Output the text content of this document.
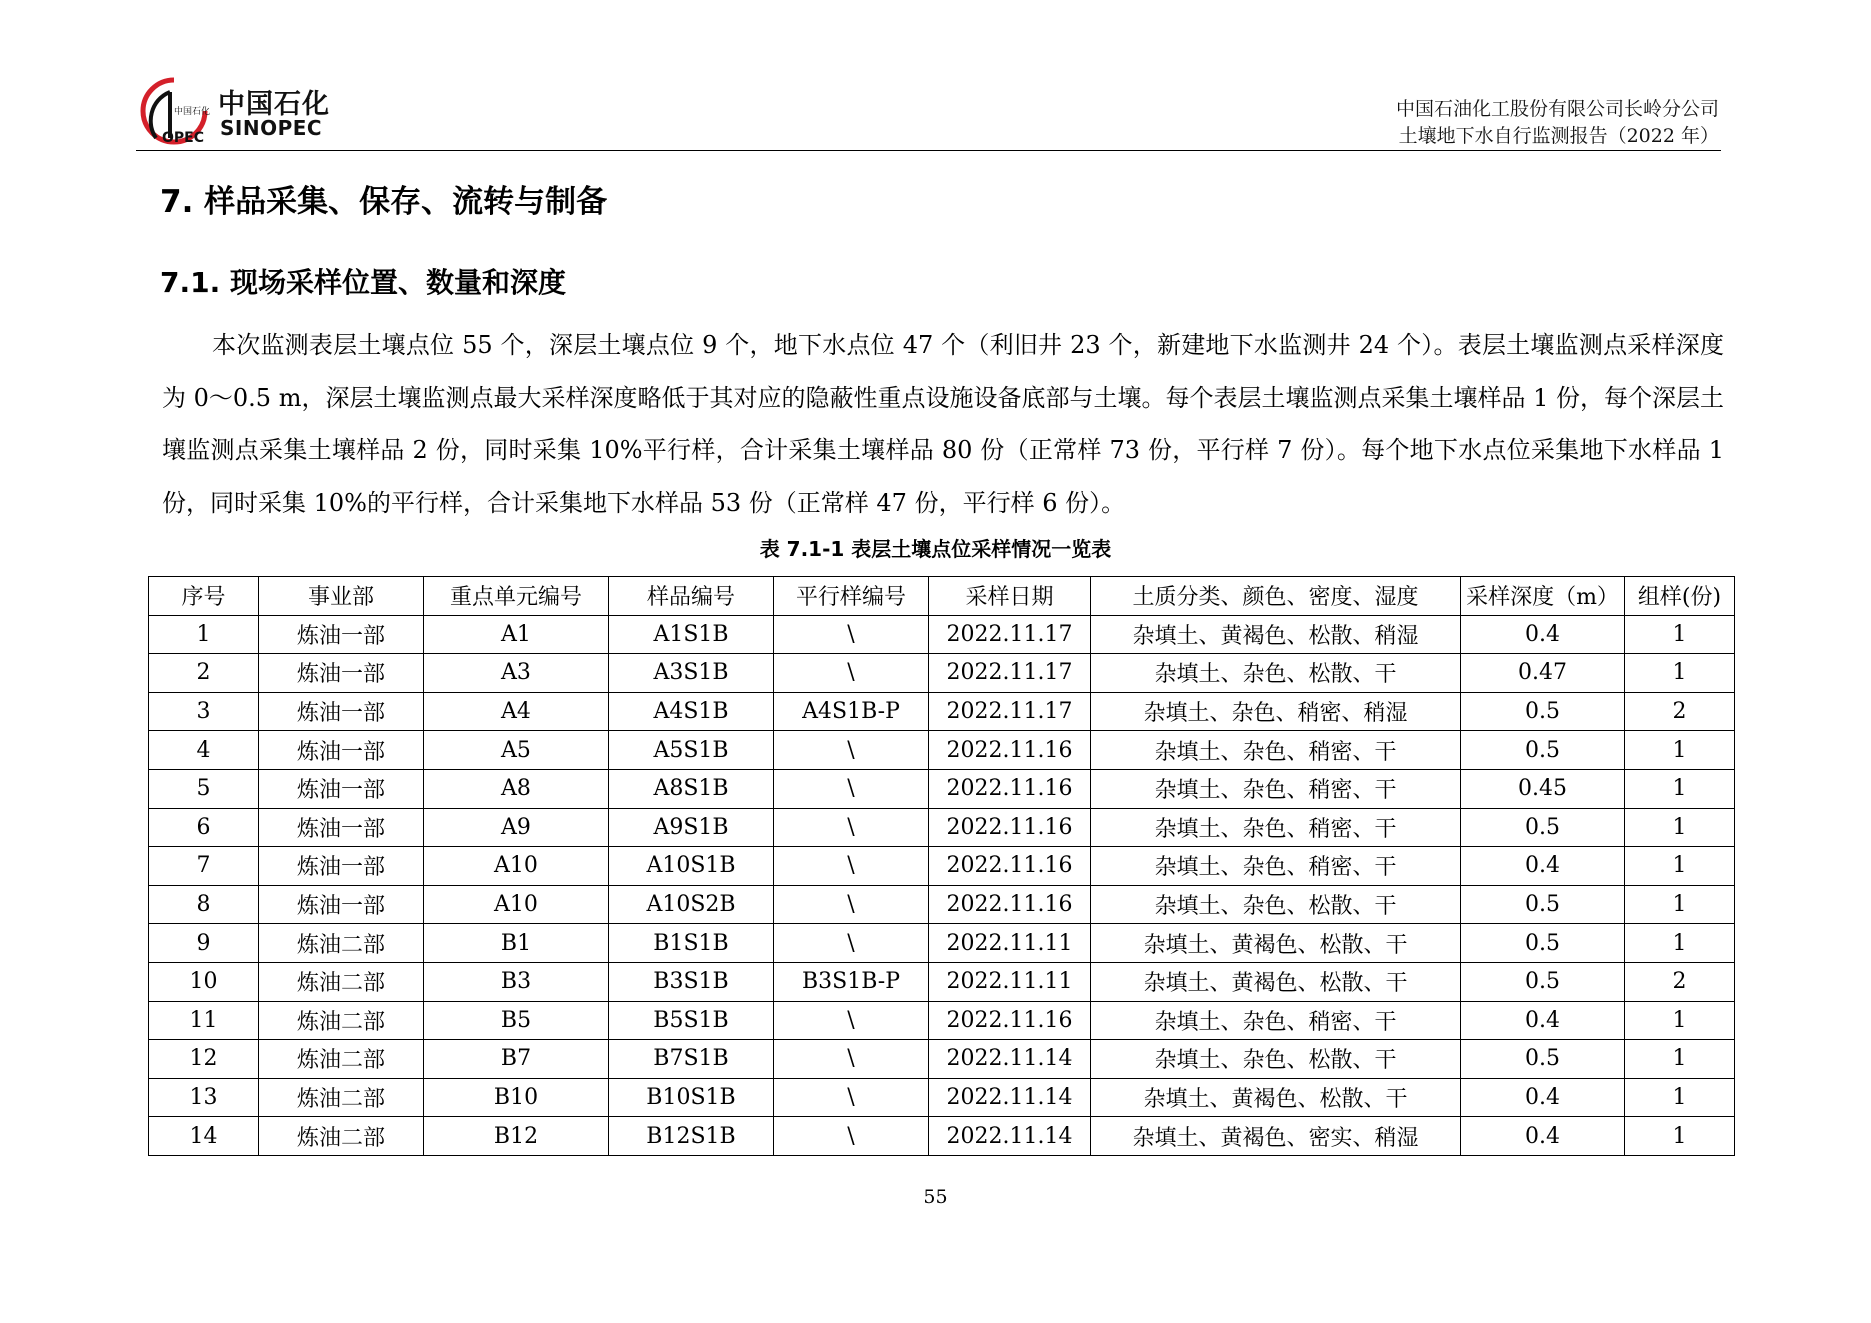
中国石化
OPEC
中国石化
SINOPEC
中国石油化工股份有限公司长岭分公司
土壤地下水自行监测报告（2022 年）
7. 样品采集、保存、流转与制备
7.1. 现场采样位置、数量和深度
本次监测表层土壤点位 55 个，深层土壤点位 9 个，地下水点位 47 个（利旧井 23 个，新建地下水监测井 24 个）。表层土壤监测点采样深度为 0～0.5 m，深层土壤监测点最大采样深度略低于其对应的隐蔽性重点设施设备底部与土壤。每个表层土壤监测点采集土壤样品 1 份，每个深层土壤监测点采集土壤样品 2 份，同时采集 10%平行样，合计采集土壤样品 80 份（正常样 73 份，平行样 7 份）。每个地下水点位采集地下水样品 1 份，同时采集 10%的平行样，合计采集地下水样品 53 份（正常样 47 份，平行样 6 份）。
表 7.1-1 表层土壤点位采样情况一览表
序号	事业部	重点单元编号	样品编号	平行样编号	采样日期	土质分类、颜色、密度、湿度	采样深度（m）	组样(份)
1	炼油一部	A1	A1S1B	\	2022.11.17	杂填土、黄褐色、松散、稍湿	0.4	1
2	炼油一部	A3	A3S1B	\	2022.11.17	杂填土、杂色、松散、干	0.47	1
3	炼油一部	A4	A4S1B	A4S1B-P	2022.11.17	杂填土、杂色、稍密、稍湿	0.5	2
4	炼油一部	A5	A5S1B	\	2022.11.16	杂填土、杂色、稍密、干	0.5	1
5	炼油一部	A8	A8S1B	\	2022.11.16	杂填土、杂色、稍密、干	0.45	1
6	炼油一部	A9	A9S1B	\	2022.11.16	杂填土、杂色、稍密、干	0.5	1
7	炼油一部	A10	A10S1B	\	2022.11.16	杂填土、杂色、稍密、干	0.4	1
8	炼油一部	A10	A10S2B	\	2022.11.16	杂填土、杂色、松散、干	0.5	1
9	炼油二部	B1	B1S1B	\	2022.11.11	杂填土、黄褐色、松散、干	0.5	1
10	炼油二部	B3	B3S1B	B3S1B-P	2022.11.11	杂填土、黄褐色、松散、干	0.5	2
11	炼油二部	B5	B5S1B	\	2022.11.16	杂填土、杂色、稍密、干	0.4	1
12	炼油二部	B7	B7S1B	\	2022.11.14	杂填土、杂色、松散、干	0.5	1
13	炼油二部	B10	B10S1B	\	2022.11.14	杂填土、黄褐色、松散、干	0.4	1
14	炼油二部	B12	B12S1B	\	2022.11.14	杂填土、黄褐色、密实、稍湿	0.4	1
55
